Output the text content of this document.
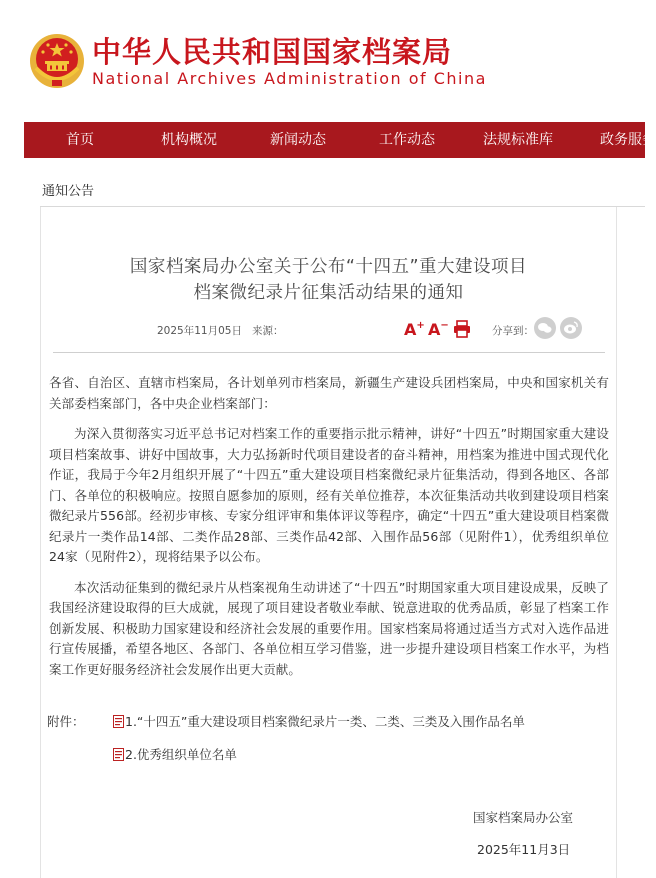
中华人民共和国国家档案局
National Archives Administration of China
首页	机构概况	新闻动态	工作动态	法规标准库	政务服务
通知公告
国家档案局办公室关于公布“十四五”重大建设项目
档案微纪录片征集活动结果的通知
2025年11月05日 来源：	A+ A−	分享到：

各省、自治区、直辖市档案局，各计划单列市档案局，新疆生产建设兵团档案局，中央和国家机关有关部委档案部门，各中央企业档案部门：

为深入贯彻落实习近平总书记对档案工作的重要指示批示精神，讲好“十四五”时期国家重大建设项目档案故事、讲好中国故事，大力弘扬新时代项目建设者的奋斗精神，用档案为推进中国式现代化作证，我局于今年2月组织开展了“十四五”重大建设项目档案微纪录片征集活动，得到各地区、各部门、各单位的积极响应。按照自愿参加的原则，经有关单位推荐，本次征集活动共收到建设项目档案微纪录片556部。经初步审核、专家分组评审和集体评议等程序，确定“十四五”重大建设项目档案微纪录片一类作品14部、二类作品28部、三类作品42部、入围作品56部（见附件1），优秀组织单位24家（见附件2），现将结果予以公布。

本次活动征集到的微纪录片从档案视角生动讲述了“十四五”时期国家重大项目建设成果，反映了我国经济建设取得的巨大成就，展现了项目建设者敬业奉献、锐意进取的优秀品质，彰显了档案工作创新发展、积极助力国家建设和经济社会发展的重要作用。国家档案局将通过适当方式对入选作品进行宣传展播，希望各地区、各部门、各单位相互学习借鉴，进一步提升建设项目档案工作水平，为档案工作更好服务经济社会发展作出更大贡献。

附件：	1.“十四五”重大建设项目档案微纪录片一类、二类、三类及入围作品名单
2.优秀组织单位名单
国家档案局办公室
2025年11月3日
